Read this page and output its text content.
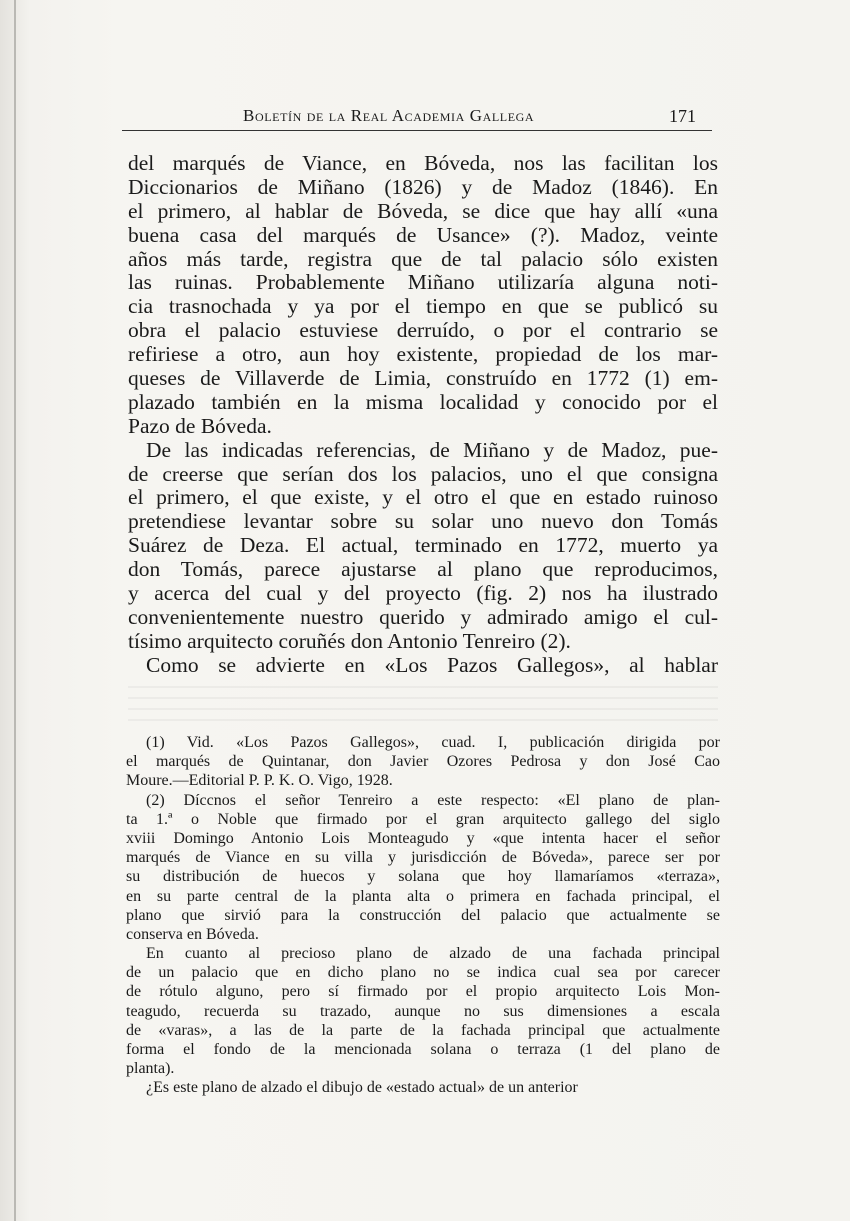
Boletín de la Real Academia Gallega	171
del marqués de Viance, en Bóveda, nos las facilitan los
Diccionarios de Miñano (1826) y de Madoz (1846). En
el primero, al hablar de Bóveda, se dice que hay allí «una
buena casa del marqués de Usance» (?). Madoz, veinte
años más tarde, registra que de tal palacio sólo existen
las ruinas. Probablemente Miñano utilizaría alguna noti-
cia trasnochada y ya por el tiempo en que se publicó su
obra el palacio estuviese derruído, o por el contrario se
refiriese a otro, aun hoy existente, propiedad de los mar-
queses de Villaverde de Limia, construído en 1772 (1) em-
plazado también en la misma localidad y conocido por el
Pazo de Bóveda.
De las indicadas referencias, de Miñano y de Madoz, pue-
de creerse que serían dos los palacios, uno el que consigna
el primero, el que existe, y el otro el que en estado ruinoso
pretendiese levantar sobre su solar uno nuevo don Tomás
Suárez de Deza. El actual, terminado en 1772, muerto ya
don Tomás, parece ajustarse al plano que reproducimos,
y acerca del cual y del proyecto (fig. 2) nos ha ilustrado
convenientemente nuestro querido y admirado amigo el cul-
tísimo arquitecto coruñés don Antonio Tenreiro (2).
Como se advierte en «Los Pazos Gallegos», al hablar
(1) Vid. «Los Pazos Gallegos», cuad. I, publicación dirigida por
el marqués de Quintanar, don Javier Ozores Pedrosa y don José Cao
Moure.—Editorial P. P. K. O. Vigo, 1928.
(2) Díccnos el señor Tenreiro a este respecto: «El plano de plan-
ta 1.ª o Noble que firmado por el gran arquitecto gallego del siglo
xviii Domingo Antonio Lois Monteagudo y «que intenta hacer el señor
marqués de Viance en su villa y jurisdicción de Bóveda», parece ser por
su distribución de huecos y solana que hoy llamaríamos «terraza»,
en su parte central de la planta alta o primera en fachada principal, el
plano que sirvió para la construcción del palacio que actualmente se
conserva en Bóveda.
En cuanto al precioso plano de alzado de una fachada principal
de un palacio que en dicho plano no se indica cual sea por carecer
de rótulo alguno, pero sí firmado por el propio arquitecto Lois Mon-
teagudo, recuerda su trazado, aunque no sus dimensiones a escala
de «varas», a las de la parte de la fachada principal que actualmente
forma el fondo de la mencionada solana o terraza (1 del plano de
planta).
¿Es este plano de alzado el dibujo de «estado actual» de un anterior
